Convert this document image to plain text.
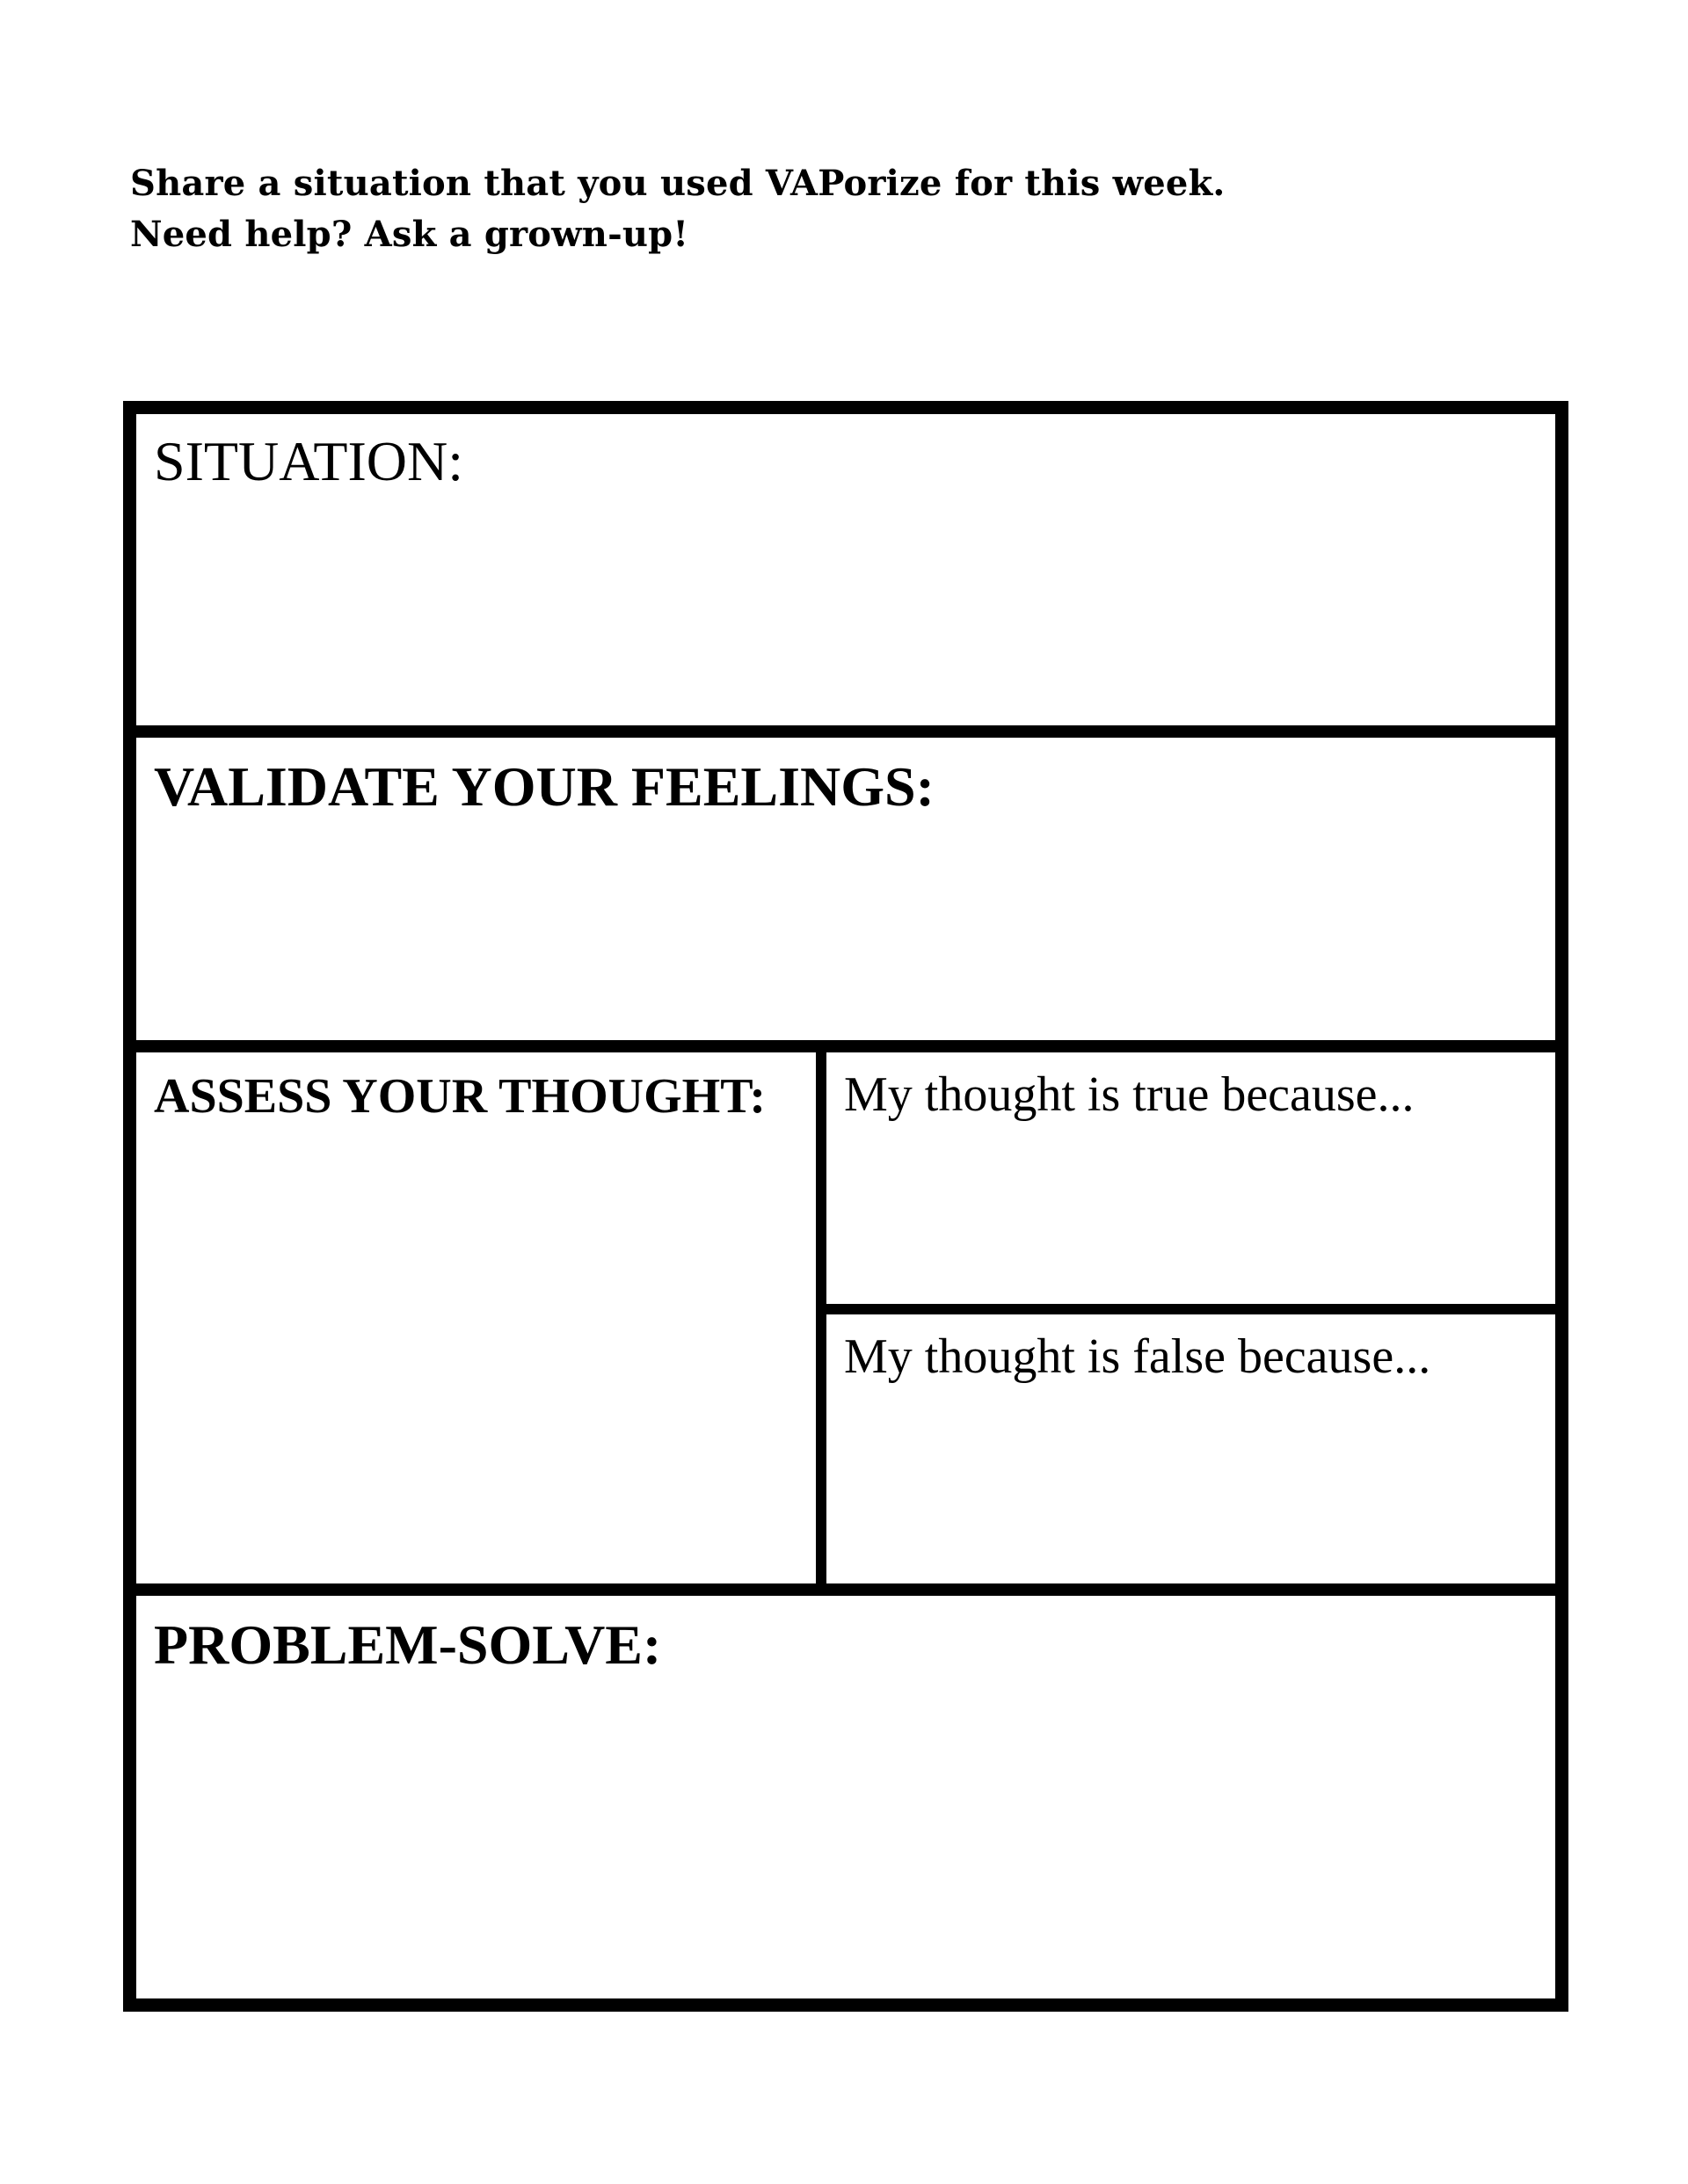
Share a situation that you used VAPorize for this week.
Need help? Ask a grown-up!
SITUATION:
VALIDATE YOUR FEELINGS:
ASSESS YOUR THOUGHT: My thought is true because...
My thought is false because...
PROBLEM-SOLVE:
